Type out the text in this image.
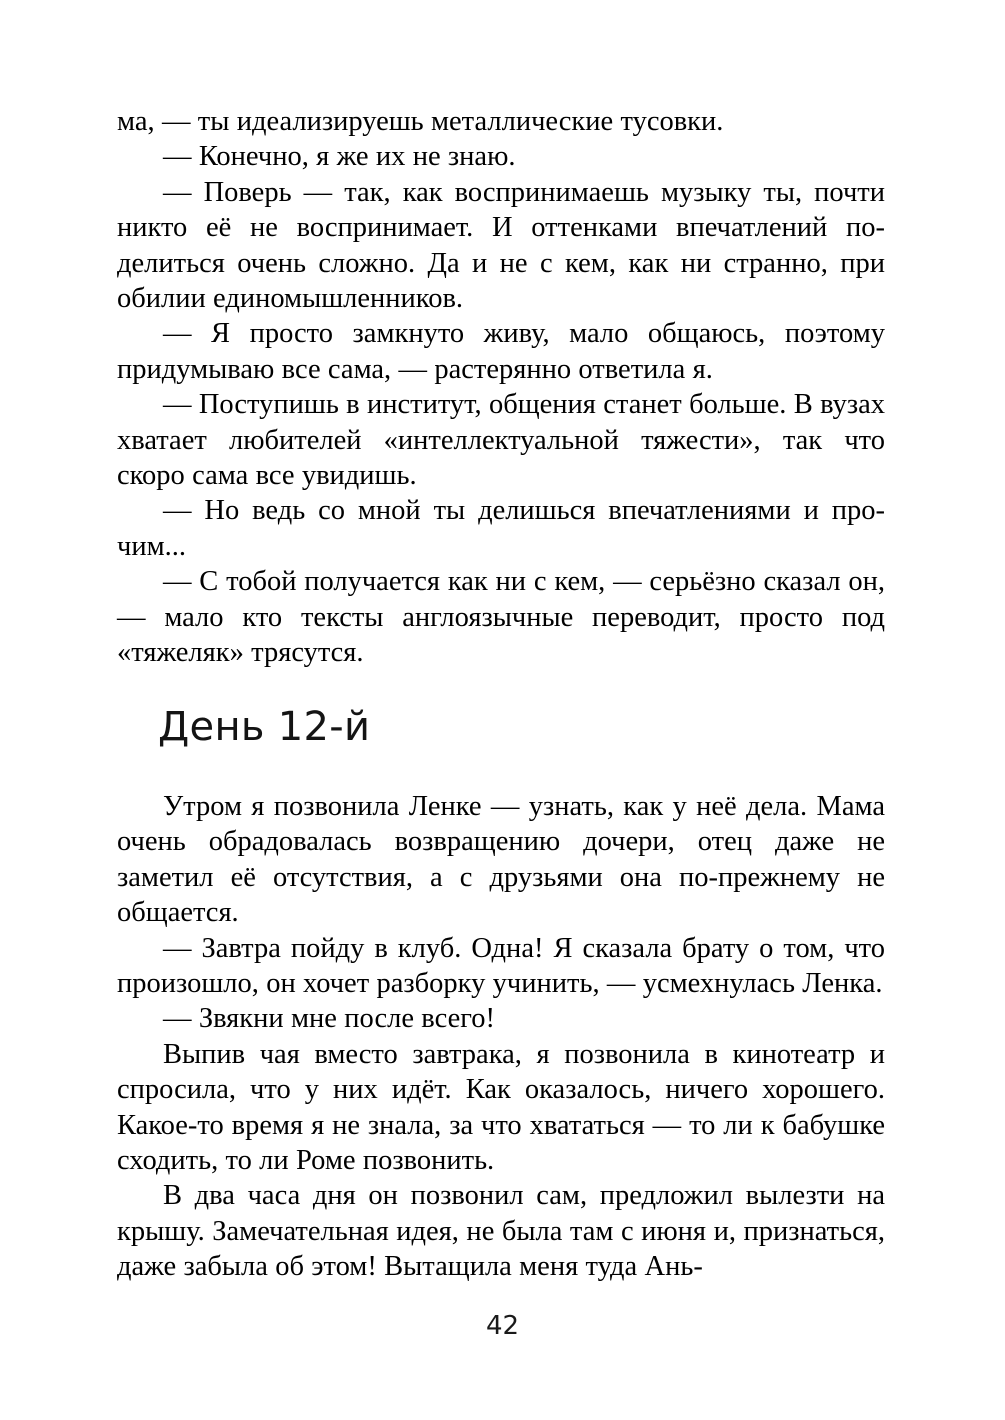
ма, — ты идеализируешь металлические тусовки.

— Конечно, я же их не знаю.

— Поверь — так, как воспринимаешь музыку ты, почти никто её не воспринимает. И оттенками впечатлений поделиться очень сложно. Да и не с кем, как ни странно, при обилии единомышленников.

— Я просто замкнуто живу, мало общаюсь, поэтому придумываю все сама, — растерянно ответила я.

— Поступишь в институт, общения станет больше. В вузах хватает любителей «интеллектуальной тяжести», так что скоро сама все увидишь.

— Но ведь со мной ты делишься впечатлениями и прочим...

— С тобой получается как ни с кем, — серьёзно сказал он, — мало кто тексты англоязычные переводит, просто под «тяжеляк» трясутся.

День 12-й

Утром я позвонила Ленке — узнать, как у неё дела. Мама очень обрадовалась возвращению дочери, отец даже не заметил её отсутствия, а с друзьями она по-прежнему не общается.

— Завтра пойду в клуб. Одна! Я сказала брату о том, что произошло, он хочет разборку учинить, — усмехнулась Ленка.

— Звякни мне после всего!

Выпив чая вместо завтрака, я позвонила в кинотеатр и спросила, что у них идёт. Как оказалось, ничего хорошего. Какое-то время я не знала, за что хвататься — то ли к бабушке сходить, то ли Роме позвонить.

В два часа дня он позвонил сам, предложил вылезти на крышу. Замечательная идея, не была там с июня и, признаться, даже забыла об этом! Вытащила меня туда Ань-

42
